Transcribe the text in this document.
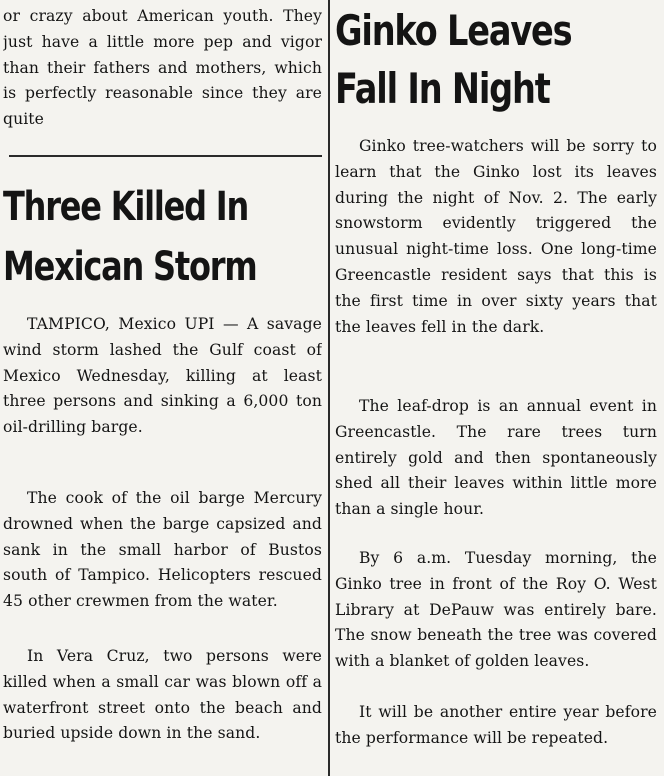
or crazy about American youth. They just have a little more pep and vigor than their fathers and mothers, which is perfectly reasonable since they are quite

Three Killed In
Mexican Storm

TAMPICO, Mexico UPI — A savage wind storm lashed the Gulf coast of Mexico Wednesday, killing at least three persons and sinking a 6,000 ton oil-drilling barge.

The cook of the oil barge Mercury drowned when the barge capsized and sank in the small harbor of Bustos south of Tampico. Helicopters rescued 45 other crewmen from the water.

In Vera Cruz, two persons were killed when a small car was blown off a waterfront street onto the beach and buried upside down in the sand.

Ginko Leaves
Fall In Night

Ginko tree-watchers will be sorry to learn that the Ginko lost its leaves during the night of Nov. 2. The early snowstorm evidently triggered the unusual night-time loss. One long-time Greencastle resident says that this is the first time in over sixty years that the leaves fell in the dark.

The leaf-drop is an annual event in Greencastle. The rare trees turn entirely gold and then spontaneously shed all their leaves within little more than a single hour.

By 6 a.m. Tuesday morning, the Ginko tree in front of the Roy O. West Library at DePauw was entirely bare. The snow beneath the tree was covered with a blanket of golden leaves.

It will be another entire year before the performance will be repeated.
